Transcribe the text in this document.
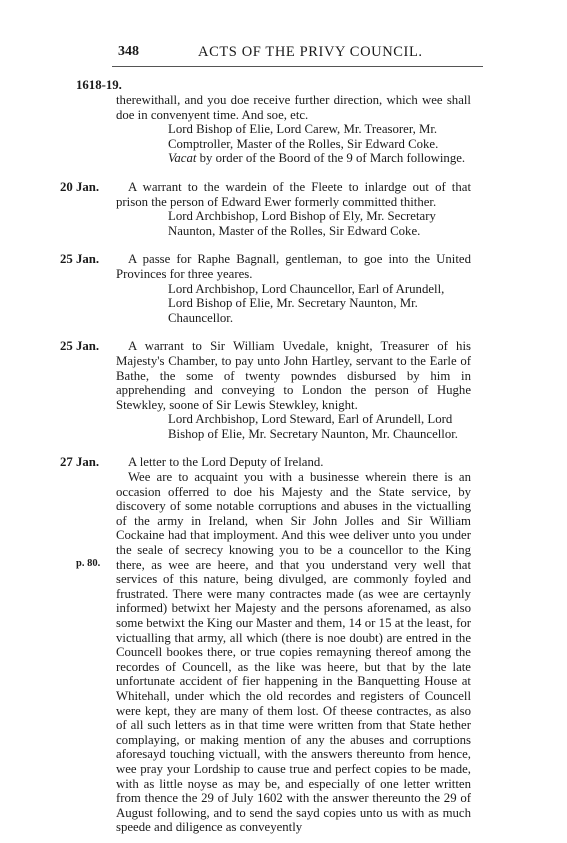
348	ACTS OF THE PRIVY COUNCIL.
1618-19.

therewithall, and you doe receive further direction, which wee shall doe in convenyent time. And soe, etc.

Lord Bishop of Elie, Lord Carew, Mr. Treasorer, Mr. Comptroller, Master of the Rolles, Sir Edward Coke.
Vacat by order of the Boord of the 9 of March followinge.
20 Jan.	A warrant to the wardein of the Fleete to inlardge out of that prison the person of Edward Ewer formerly committed thither.

Lord Archbishop, Lord Bishop of Ely, Mr. Secretary Naunton, Master of the Rolles, Sir Edward Coke.
25 Jan.	A passe for Raphe Bagnall, gentleman, to goe into the United Provinces for three yeares.

Lord Archbishop, Lord Chauncellor, Earl of Arundell, Lord Bishop of Elie, Mr. Secretary Naunton, Mr. Chauncellor.
25 Jan.	A warrant to Sir William Uvedale, knight, Treasurer of his Majesty's Chamber, to pay unto John Hartley, servant to the Earle of Bathe, the some of twenty powndes disbursed by him in apprehending and conveying to London the person of Hughe Stewkley, soone of Sir Lewis Stewkley, knight.

Lord Archbishop, Lord Steward, Earl of Arundell, Lord Bishop of Elie, Mr. Secretary Naunton, Mr. Chauncellor.
27 Jan.	A letter to the Lord Deputy of Ireland.

Wee are to acquaint you with a businesse wherein there is an occasion offerred to doe his Majesty and the State service, by discovery of some notable corruptions and abuses in the victualling of the army in Ireland, when Sir John Jolles and Sir William Cockaine had that imployment. And this wee deliver unto you under the seale of secrecy knowing you to be a councellor to the King there, as wee are heere, and that you understand very well that services of this nature, being divulged, are commonly foyled and frustrated. There were many contractes made (as wee are certaynly informed) betwixt her Majesty and the persons aforenamed, as also some betwixt the King our Master and them, 14 or 15 at the least, for victualling that army, all which (there is noe doubt) are entred in the Councell bookes there, or true copies remayning thereof among the recordes of Councell, as the like was heere, but that by the late unfortunate accident of fier happening in the Banquetting House at Whitehall, under which the old recordes and registers of Councell were kept, they are many of them lost. Of theese contractes, as also of all such letters as in that time were written from that State hether complaying, or making mention of any the abuses and corruptions aforesayd touching victuall, with the answers thereunto from hence, wee pray your Lordship to cause true and perfect copies to be made, with as little noyse as may be, and especially of one letter written from thence the 29 of July 1602 with the answer thereunto the 29 of August following, and to send the sayd copies unto us with as much speede and diligence as conveyently

p. 80.
